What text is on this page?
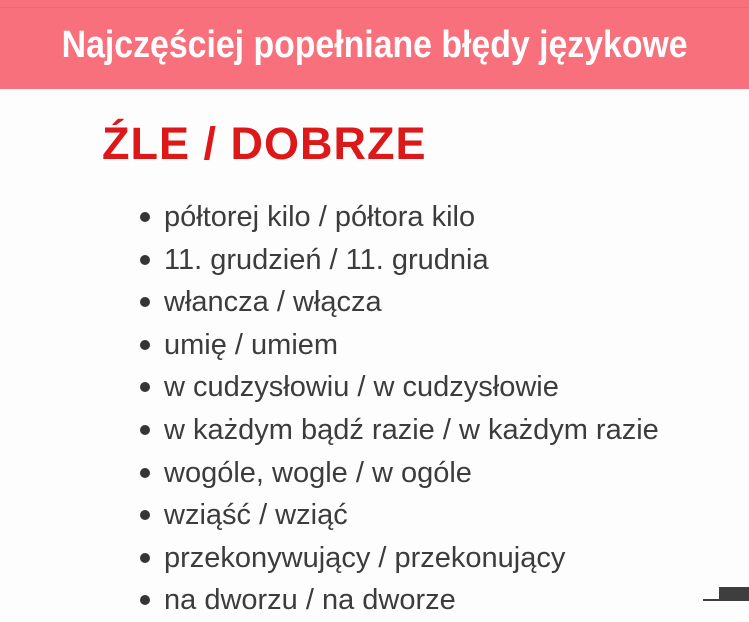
Najczęściej popełniane błędy językowe
ŹLE / DOBRZE
półtorej kilo / półtora kilo
11. grudzień / 11. grudnia
włancza / włącza
umię / umiem
w cudzysłowiu / w cudzysłowie
w każdym bądź razie / w każdym razie
wogóle, wogle / w ogóle
wziąść / wziąć
przekonywujący / przekonujący
na dworzu / na dworze
